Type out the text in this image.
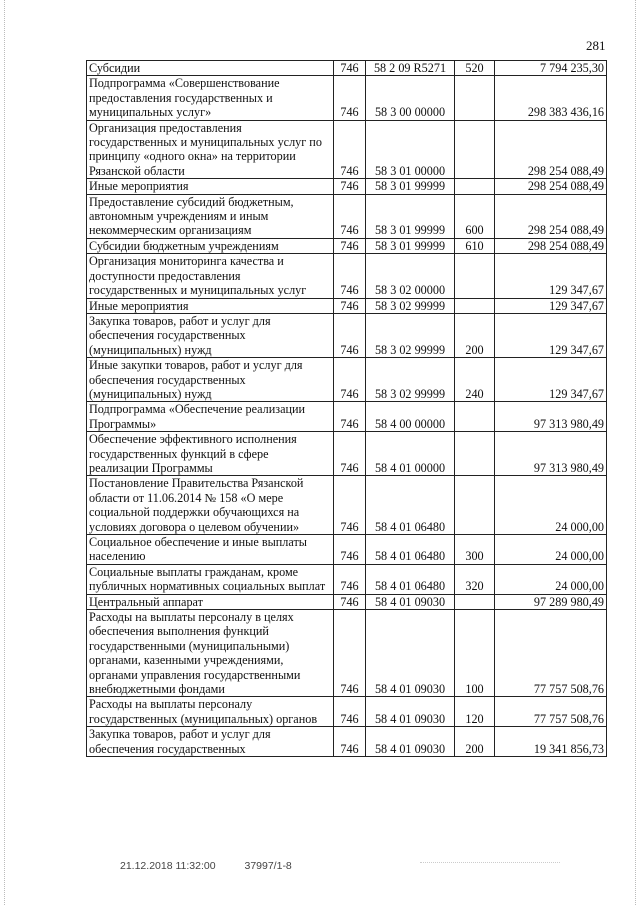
281
Субсидии	746	58 2 09 R5271	520	7 794 235,30
Подпрограмма «Совершенствование предоставления государственных и муниципальных услуг»	746	58 3 00 00000		298 383 436,16
Организация предоставления государственных и муниципальных услуг по принципу «одного окна» на территории Рязанской области	746	58 3 01 00000		298 254 088,49
Иные мероприятия	746	58 3 01 99999		298 254 088,49
Предоставление субсидий бюджетным, автономным учреждениям и иным некоммерческим организациям	746	58 3 01 99999	600	298 254 088,49
Субсидии бюджетным учреждениям	746	58 3 01 99999	610	298 254 088,49
Организация мониторинга качества и доступности предоставления государственных и муниципальных услуг	746	58 3 02 00000		129 347,67
Иные мероприятия	746	58 3 02 99999		129 347,67
Закупка товаров, работ и услуг для обеспечения государственных (муниципальных) нужд	746	58 3 02 99999	200	129 347,67
Иные закупки товаров, работ и услуг для обеспечения государственных (муниципальных) нужд	746	58 3 02 99999	240	129 347,67
Подпрограмма «Обеспечение реализации Программы»	746	58 4 00 00000		97 313 980,49
Обеспечение эффективного исполнения государственных функций в сфере реализации Программы	746	58 4 01 00000		97 313 980,49
Постановление Правительства Рязанской области от 11.06.2014 № 158 «О мере социальной поддержки обучающихся на условиях договора о целевом обучении»	746	58 4 01 06480		24 000,00
Социальное обеспечение и иные выплаты населению	746	58 4 01 06480	300	24 000,00
Социальные выплаты гражданам, кроме публичных нормативных социальных выплат	746	58 4 01 06480	320	24 000,00
Центральный аппарат	746	58 4 01 09030		97 289 980,49
Расходы на выплаты персоналу в целях обеспечения выполнения функций государственными (муниципальными) органами, казенными учреждениями, органами управления государственными внебюджетными фондами	746	58 4 01 09030	100	77 757 508,76
Расходы на выплаты персоналу государственных (муниципальных) органов	746	58 4 01 09030	120	77 757 508,76
Закупка товаров, работ и услуг для обеспечения государственных	746	58 4 01 09030	200	19 341 856,73
21.12.2018 11:32:00	37997/1-8
